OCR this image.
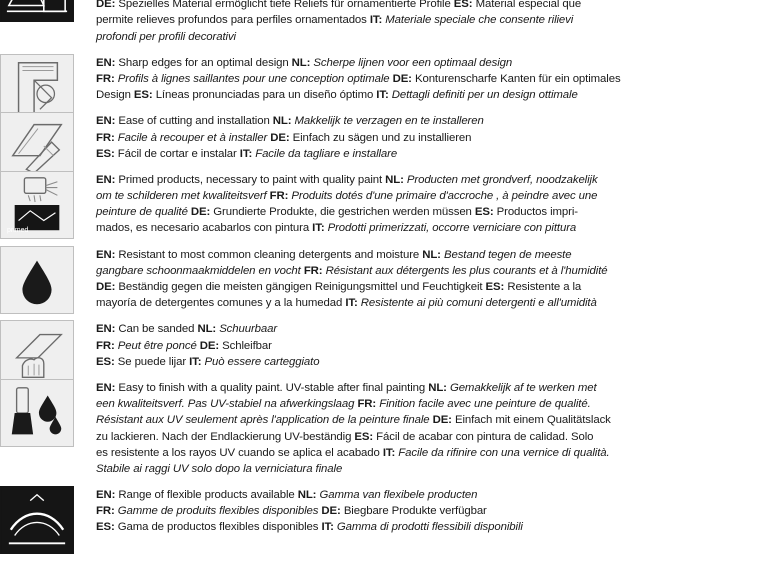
DE: Spezielles Material ermöglicht tiefe Reliefs für ornamentierte Profile ES: Material especial que
permite relieves profundos para perfiles ornamentados IT: Materiale speciale che consente rilievi
profondi per profili decorativi
EN: Sharp edges for an optimal design NL: Scherpe lijnen voor een optimaal design
FR: Profils à lignes saillantes pour une conception optimale DE: Konturenscharfe Kanten für ein optimales
Design ES: Líneas pronunciadas para un diseño óptimo IT: Dettagli definiti per un design ottimale
EN: Ease of cutting and installation NL: Makkelijk te verzagen en te installeren
FR: Facile à recouper et à installer DE: Einfach zu sägen und zu installieren
ES: Fácil de cortar e instalar IT: Facile da tagliare e installare
primed
EN: Primed products, necessary to paint with quality paint NL: Producten met grondverf, noodzakelijk
om te schilderen met kwaliteitsverf FR: Produits dotés d'une primaire d'accroche , à peindre avec une
peinture de qualité DE: Grundierte Produkte, die gestrichen werden müssen ES: Productos impri-
mados, es necesario acabarlos con pintura IT: Prodotti primerizzati, occorre verniciare con pittura
EN: Resistant to most common cleaning detergents and moisture NL: Bestand tegen de meeste
gangbare schoonmaakmiddelen en vocht FR: Résistant aux détergents les plus courants et à l'humidité
DE: Beständig gegen die meisten gängigen Reinigungsmittel und Feuchtigkeit ES: Resistente a la
mayoría de detergentes comunes y a la humedad IT: Resistente ai più comuni detergenti e all'umidità
EN: Can be sanded NL: Schuurbaar
FR: Peut être poncé DE: Schleifbar
ES: Se puede lijar IT: Può essere carteggiato
EN: Easy to finish with a quality paint. UV-stable after final painting NL: Gemakkelijk af te werken met
een kwaliteitsverf. Pas UV-stabiel na afwerkingslaag FR: Finition facile avec une peinture de qualité.
Résistant aux UV seulement après l'application de la peinture finale DE: Einfach mit einem Qualitätslack
zu lackieren. Nach der Endlackierung UV-beständig ES: Fácil de acabar con pintura de calidad. Solo
es resistente a los rayos UV cuando se aplica el acabado IT: Facile da rifinire con una vernice di qualità.
Stabile ai raggi UV solo dopo la verniciatura finale
EN: Range of flexible products available NL: Gamma van flexibele producten
FR: Gamme de produits flexibles disponibles DE: Biegbare Produkte verfügbar
ES: Gama de productos flexibles disponibles IT: Gamma di prodotti flessibili disponibili
